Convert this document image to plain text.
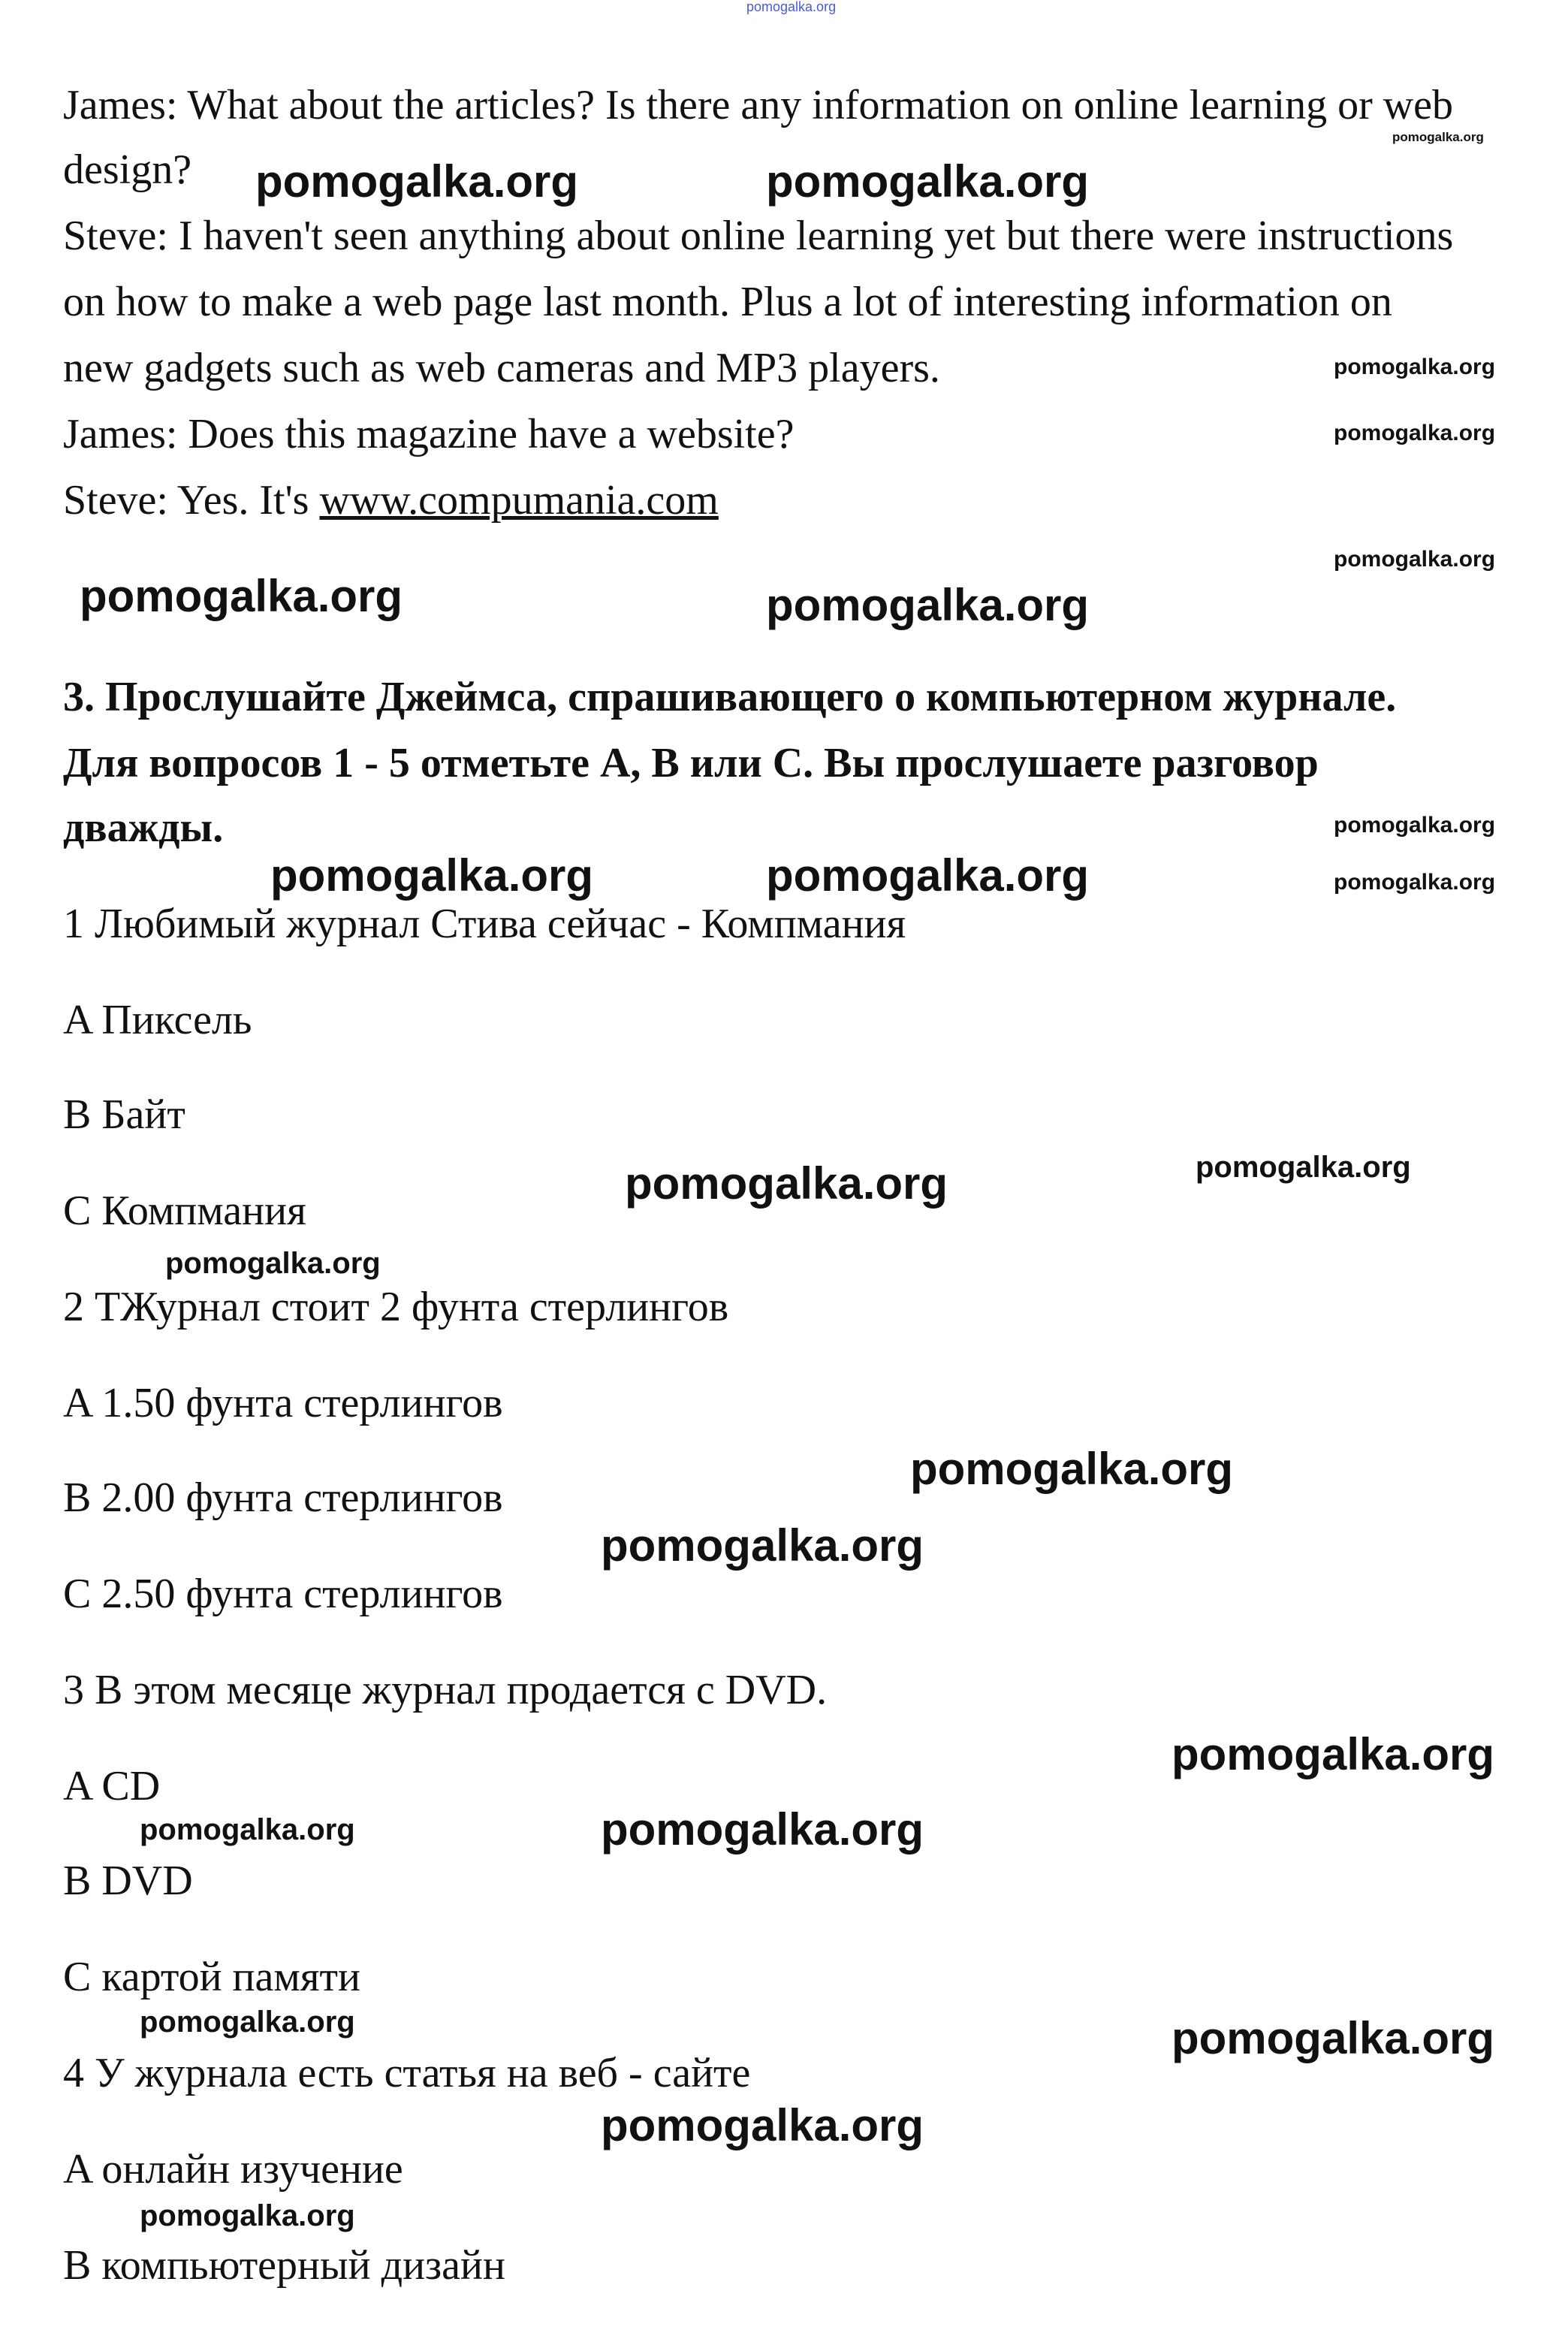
James: What about the articles? Is there any information on online learning or web
design?
Steve: I haven't seen anything about online learning yet but there were instructions
on how to make a web page last month. Plus a lot of interesting information on
new gadgets such as web cameras and MP3 players.
James: Does this magazine have a website?
Steve: Yes. It's www.compumania.com
3. Прослушайте Джеймса, спрашивающего о компьютерном журнале.
Для вопросов 1 - 5 отметьте A, B или C. Вы прослушаете разговор
дважды.
1 Любимый журнал Стива сейчас - Компмания
A Пиксель
B Байт
C Компмания
2 ТЖурнал стоит 2 фунта стерлингов
A 1.50 фунта стерлингов
B 2.00 фунта стерлингов
C 2.50 фунта стерлингов
3 В этом месяце журнал продается с DVD.
A CD
B DVD
C картой памяти
4 У журнала есть статья на веб - сайте
A онлайн изучение
B компьютерный дизайн
pomogalka.org
pomogalka.org
pomogalka.org	pomogalka.org
pomogalka.org
pomogalka.org
pomogalka.org
pomogalka.org	pomogalka.org
pomogalka.org
pomogalka.org	pomogalka.org	pomogalka.org
pomogalka.org
pomogalka.org
pomogalka.org
pomogalka.org
pomogalka.org
pomogalka.org
pomogalka.org	pomogalka.org
pomogalka.org	pomogalka.org
pomogalka.org
pomogalka.org
